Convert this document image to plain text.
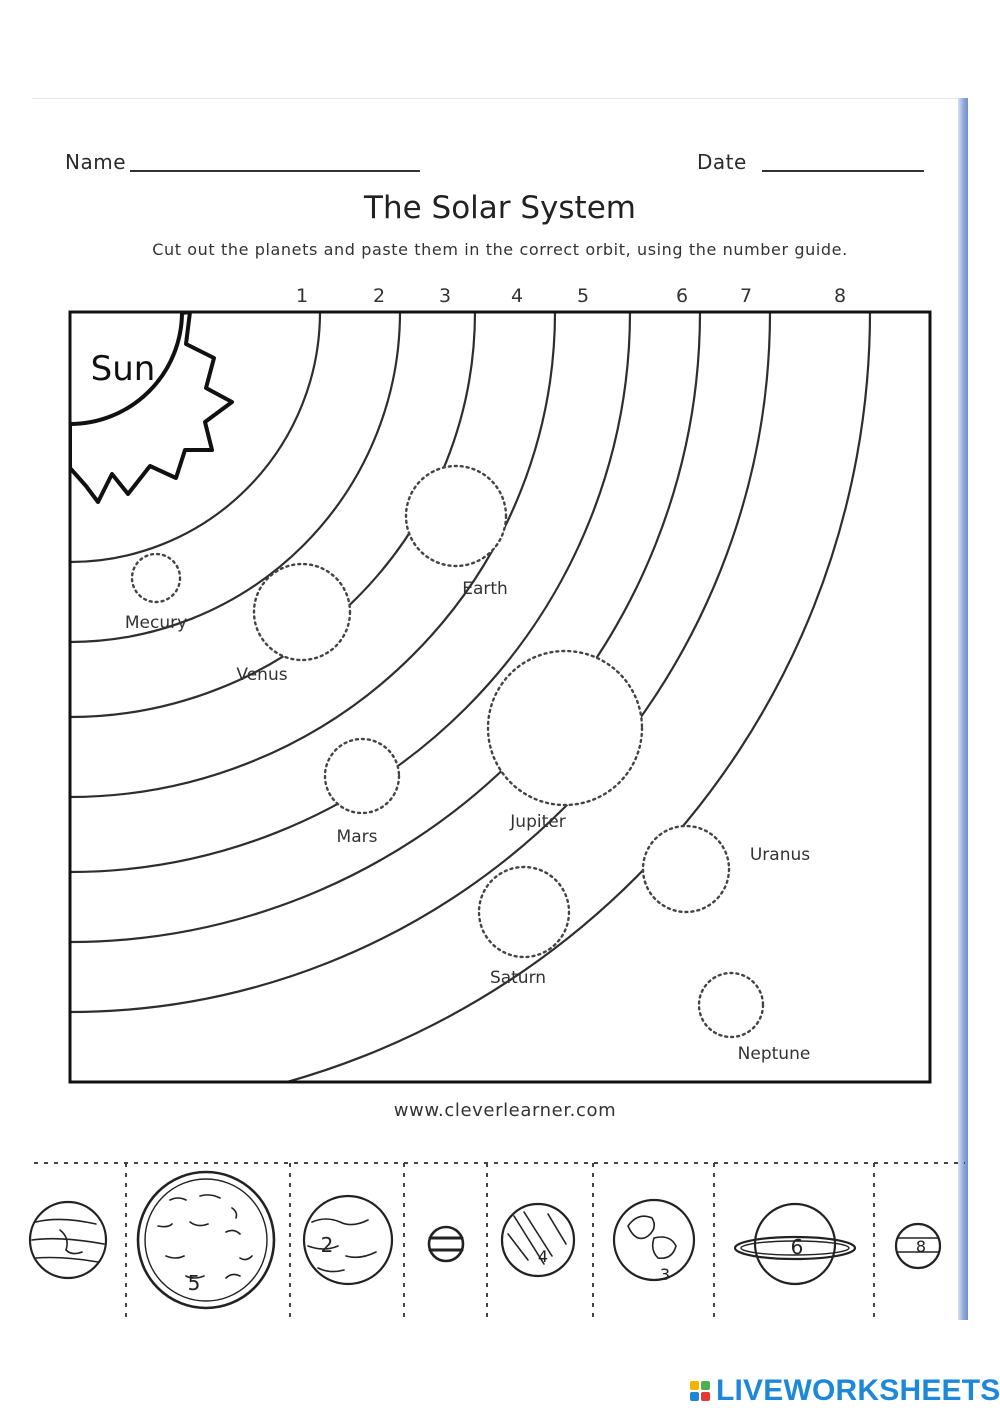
Name	Date
The Solar System
Cut out the planets and paste them in the correct orbit, using the number guide.
1	2	3	4	5	6	7	8
Sun
Mecury
Venus
Earth
Mars
Jupiter
Saturn
Uranus
Neptune
5
2	4
3
6	8
www.cleverlearner.com
LIVEWORKSHEETS
